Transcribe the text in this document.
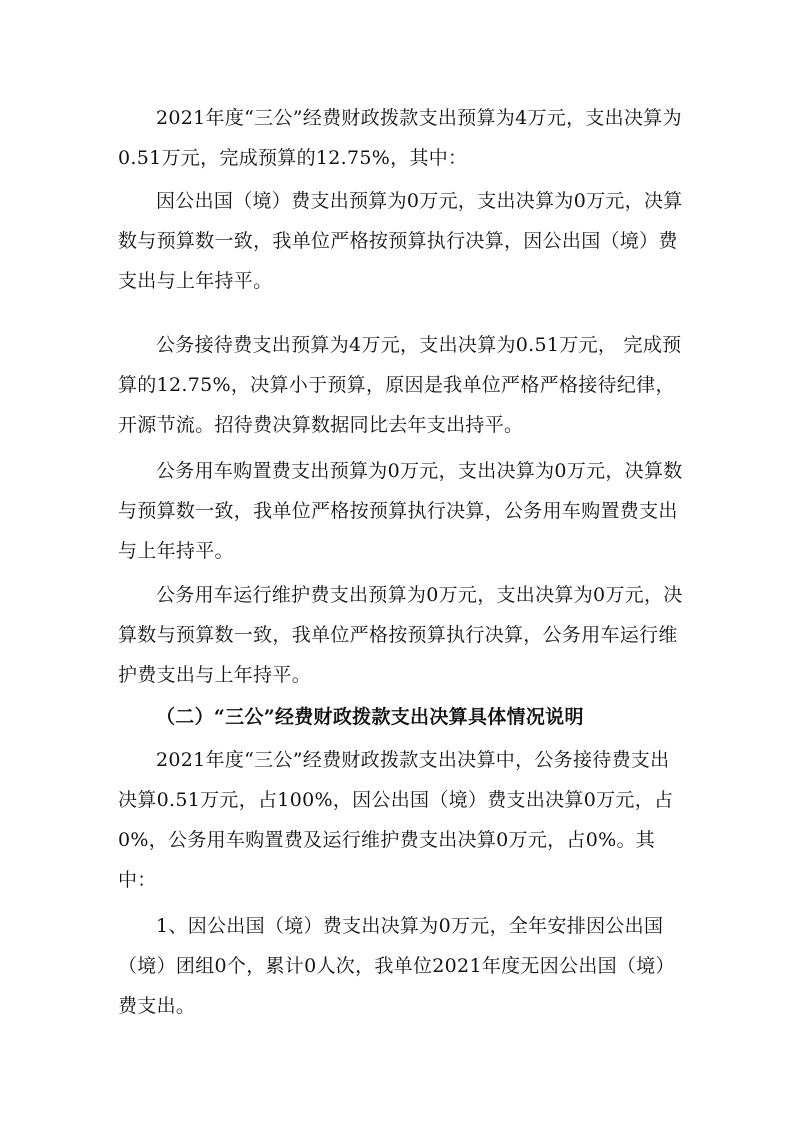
2021年度“三公”经费财政拨款支出预算为4万元，支出决算为0.51万元，完成预算的12.75%，其中：

因公出国（境）费支出预算为0万元，支出决算为0万元，决算数与预算数一致，我单位严格按预算执行决算，因公出国（境）费支出与上年持平。

公务接待费支出预算为4万元，支出决算为0.51万元， 完成预算的12.75%，决算小于预算，原因是我单位严格严格接待纪律，开源节流。招待费决算数据同比去年支出持平。

公务用车购置费支出预算为0万元，支出决算为0万元，决算数与预算数一致，我单位严格按预算执行决算，公务用车购置费支出与上年持平。

公务用车运行维护费支出预算为0万元，支出决算为0万元，决算数与预算数一致，我单位严格按预算执行决算，公务用车运行维护费支出与上年持平。

（二）“三公”经费财政拨款支出决算具体情况说明

2021年度“三公”经费财政拨款支出决算中，公务接待费支出决算0.51万元，占100%，因公出国（境）费支出决算0万元，占0%，公务用车购置费及运行维护费支出决算0万元，占0%。其中：

1、因公出国（境）费支出决算为0万元，全年安排因公出国（境）团组0个，累计0人次，我单位2021年度无因公出国（境）费支出。
